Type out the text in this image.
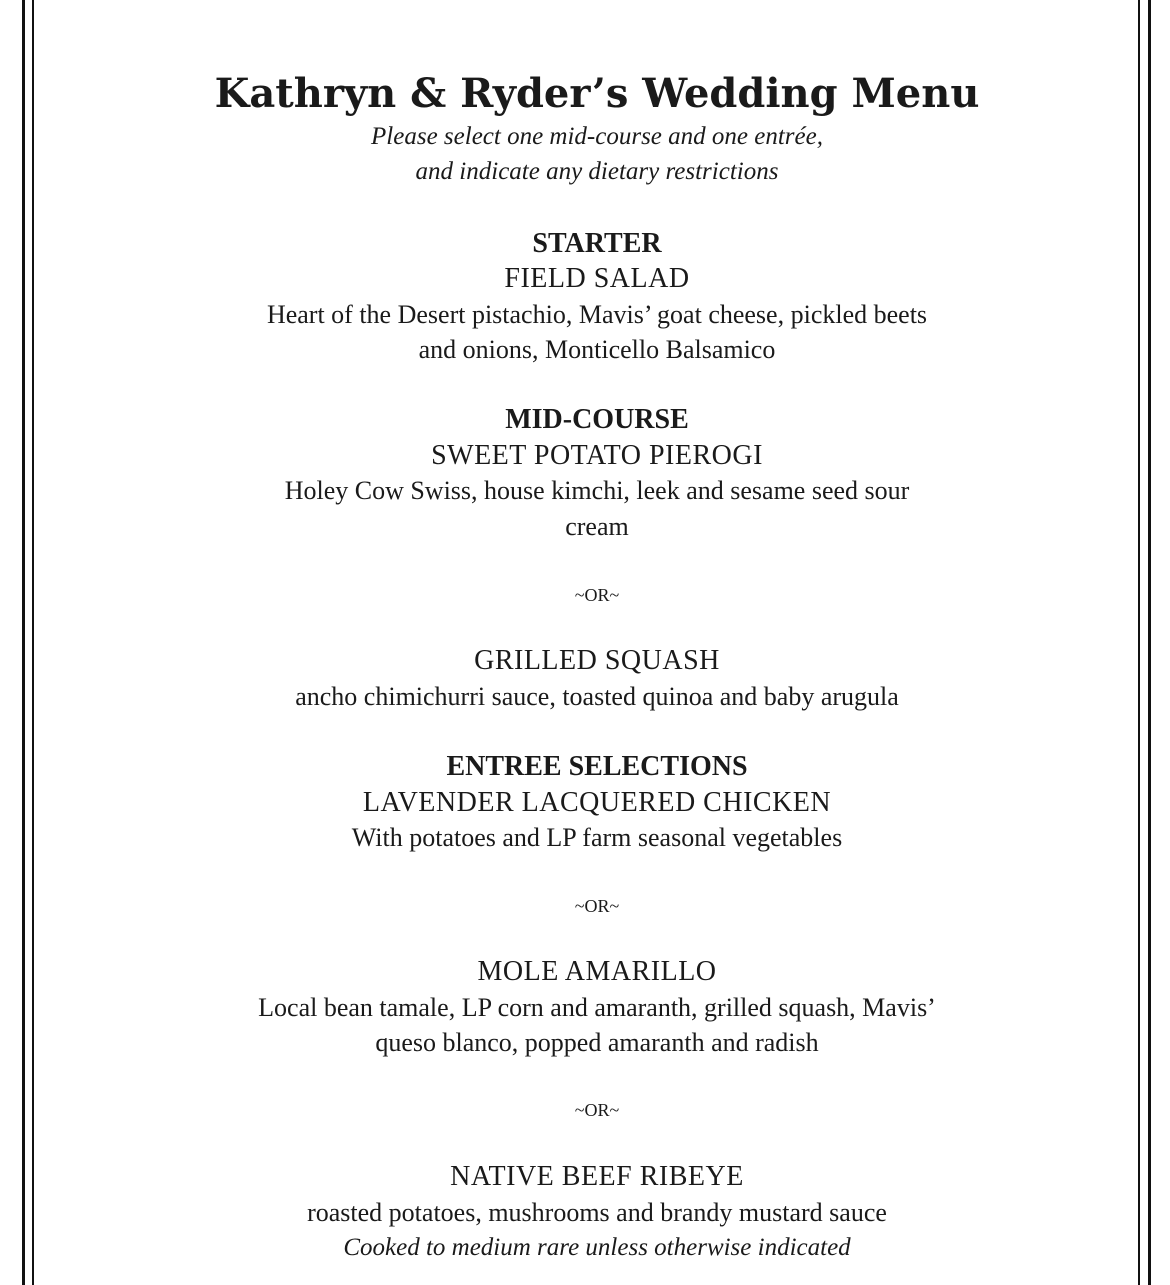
Kathryn & Ryder’s Wedding Menu
Please select one mid-course and one entrée,
and indicate any dietary restrictions
STARTER
FIELD SALAD
Heart of the Desert pistachio, Mavis’ goat cheese, pickled beets
and onions, Monticello Balsamico
MID-COURSE
SWEET POTATO PIEROGI
Holey Cow Swiss, house kimchi, leek and sesame seed sour
cream
~OR~
GRILLED SQUASH
ancho chimichurri sauce, toasted quinoa and baby arugula
ENTREE SELECTIONS
LAVENDER LACQUERED CHICKEN
With potatoes and LP farm seasonal vegetables
~OR~
MOLE AMARILLO
Local bean tamale, LP corn and amaranth, grilled squash, Mavis’
queso blanco, popped amaranth and radish
~OR~
NATIVE BEEF RIBEYE
roasted potatoes, mushrooms and brandy mustard sauce
Cooked to medium rare unless otherwise indicated
